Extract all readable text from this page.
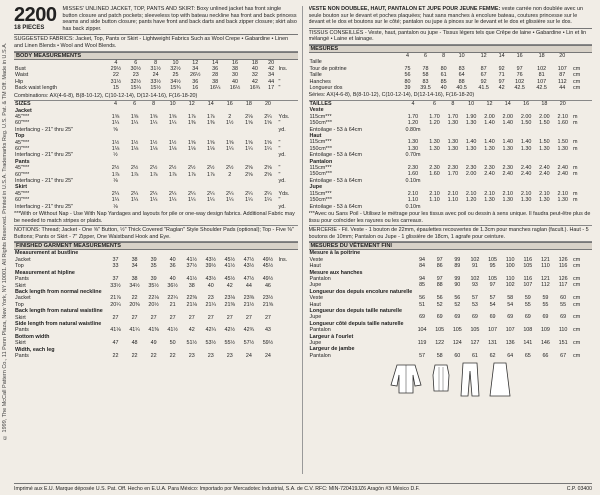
© 1999, The McCall Pattern Co., 11 Penn Plaza, New York, NY 10001. All Rights Reserved. Printed in U.S.A. Trademarks Reg. U.S. Pat. & TM Off. Made in U.S.A.
2200
18 PIECES
MISSES' UNLINED JACKET, TOP, PANTS AND SKIRT: Boxy unlined jacket has front single button closure and patch pockets; sleeveless top with bateau neckline has front and back princess seams and side button closure; pants have front and back darts and back zipper closure; skirt also has back zipper.
SUGGESTED FABRICS: Jacket, Top, Pants or Skirt - Lightweight Fabrics Such as Wool Crepe • Gabardine • Linen and Linen Blends • Wool and Wool Blends.
BODY MEASUREMENTS
	4	6	8	10	12	14	16	18	20	
Bust	29½	30½	31½	32½	34	36	38	40	42	Ins.
Waist	22	23	24	25	26½	28	30	32	34	
Hip	31½	32½	33½	34½	36	38	40	42	44	"
Back waist length	15	15¼	15½	15¾	16	16¼	16½	16¾	17	"
Combinations: AX(4-6-8), B(8-10-12), C(10-12-14), D(12-14-16), F(16-18-20)
SIZES	4	6	8	10	12	14	16	18	20	
Jacket										
45"***	1⅝	1⅝	1⅝	1⅝	1⅞	1⅞	2	2⅛	2¼	Yds.
60"***	1¼	1¼	1¼	1¼	1⅜	1⅜	1½	1⅝	1⅝	"
Interfacing - 21" thru 25"	⅝									yd.
Top										
45"***	1½	1½	1½	1½	1⅝	1⅝	1⅝	1⅝	1⅝	"
60"***	1⅛	1⅛	1⅛	1⅛	1⅛	1⅛	1¼	1¼	1¼	"
Interfacing - 21" thru 25"	½									yd.
Pants										
45"***	2½	2½	2½	2½	2½	2½	2½	2⅝	2⅝	"
60"***	1⅞	1⅞	1⅞	1⅞	1⅞	1⅞	2	2⅝	2⅝	"
Interfacing - 21" thru 25"	⅛									yd.
Skirt										
45"***	2¼	2¼	2¼	2¼	2¼	2¼	2¼	2¼	2¼	Yds.
60"***	1¼	1¼	1¼	1¼	1¼	1¼	1¼	1¼	1¼	"
Interfacing - 21" thru 25"	⅛									yd.
***With or Without Nap - Use With Nap Yardages and layouts for pile or one-way design fabrics. Additional Fabric may be needed to match stripes or plaids.
NOTIONS: Thread; Jacket - One ⅝" Button, ½" Thick Covered "Raglan" Style Shoulder Pads (optional); Top - Five ⅜" Buttons; Pants or Skirt - 7" Zipper, One Waistband Hook and Eye.
FINISHED GARMENT MEASUREMENTS
Measurement at bustline										
Jacket	37	38	39	40	41½	43½	45½	47½	49½	Ins.
Top	33	34	35	36	37½	39½	41½	43½	45½	
Measurement at hipline										
Pants	37	38	39	40	41½	43½	45½	47½	49½	
Skirt	33½	34½	35½	36½	38	40	42	44	46	
Back length from normal neckline										
Jacket	21⅞	22	22⅛	22¼	22⅜	23	23⅛	23⅜	23½	
Top	20¼	20⅜	20½	21	21⅛	21¼	21⅜	21½	21⅝	
Back length from natural waistline										
Skirt	27	27	27	27	27	27	27	27	27	
Side length from natural waistline										
Pants	41⅛	41¼	41⅜	41½	42	42¼	42½	42¾	43	
Bottom width										
Skirt	47	48	49	50	51½	53½	55½	57½	59½	
Width, each leg										
Pants	22	22	22	22	23	23	23	24	24	
VESTE NON DOUBLÉE, HAUT, PANTALON ET JUPE POUR JEUNE FEMME: veste carrée non doublée avec un seule bouton sur le devant et poches plaquées; haut sans manches à encolure bateau, coutures princesse sur le devant et le dos et boutons sur le côté; pantalon ou jupe à pinces sur le devant et le dos et glissière sur le dos.
TISSUS CONSEILLÉS - Veste, haut, pantalon ou jupe - Tissus légers tels que Crêpe de laine • Gabardine • Lin et lin mélangé • Laine et lainage.
MESURES
	4	6	8	10	12	14	16	18	20	
Taille										
Tour de poitrine	75	78	80	83	87	92	97	102	107	cm
Taille	56	58	61	64	67	71	76	81	87	cm
Hanches	80	83	85	88	92	97	102	107	112	cm
Longueur dos	39	39.5	40	40.5	41.5	42	42.5	42.5	44	cm
Séries: AX(4-6-8), B(8-10-12), C(10-12-14), D(12-14-16), F(16-18-20)
TAILLES	4	6	8	10	12	14	16	18	20	
Veste										
115cm***	1.70	1.70	1.70	1.90	2.00	2.00	2.00	2.00	2.10	m
150cm***	1.20	1.20	1.30	1.30	1.40	1.40	1.50	1.50	1.60	m
Entoilage - 53 à 64cm	0.80m									
Haut										
115cm***	1.30	1.30	1.30	1.40	1.40	1.40	1.40	1.50	1.50	m
150cm***	1.30	1.30	1.30	1.30	1.30	1.30	1.30	1.30	1.30	m
Entoilage - 53 à 64cm	0.70m									
Pantalon										
115cm***	2.30	2.30	2.30	2.30	2.30	2.30	2.40	2.40	2.40	m
150cm***	1.60	1.60	1.70	2.00	2.40	2.40	2.40	2.40	2.40	m
Entoilage - 53 à 64cm	0.10m									
Jupe										
115cm***	2.10	2.10	2.10	2.10	2.10	2.10	2.10	2.10	2.10	m
150cm***	1.10	1.10	1.10	1.20	1.30	1.30	1.30	1.30	1.30	m
Entoilage - 53 à 64cm	0.10m									
***Avec ou Sans Poil - Utilisez le métrage pour les tissus avec poil ou dessin à sens unique. Il faudra peut-être plus de tissu pour coïncider les rayures ou les carreaux.
MERCERIE - Fil. Veste - 1 bouton de 22mm, épaulettes recouvertes de 1.3cm pour manches raglan (facult.). Haut - 5 boutons de 10mm; Pantalon ou Jupe - 1 glissière de 18cm, 1 agrafe pour ceinture.
MESURES DU VÊTEMENT FINI
Mesure à la poitrine										
Veste	94	97	99	102	105	110	116	121	126	cm
Haut	84	86	89	91	95	100	105	110	116	cm
Mesure aux hanches										
Pantalon	94	97	99	102	105	110	116	121	126	cm
Jupe	85	88	90	93	97	102	107	112	117	cm
Longueur dos depuis encolure naturelle										
Veste	56	56	56	57	57	58	59	59	60	cm
Haut	51	52	52	53	54	54	55	55	55	cm
Longueur dos depuis taille naturelle										
Jupe	69	69	69	69	69	69	69	69	69	cm
Longueur côté depuis taille naturelle										
Pantalon	104	105	105	105	107	107	108	109	110	cm
Largeur à l'ourlet										
Jupe	119	122	124	127	131	136	141	146	151	cm
Largeur de jambe										
Pantalon	57	58	60	61	62	64	65	66	67	cm
Imprimé aux E.U. Marque déposée U.S. Pat. Off. Hecho en E.U.A. Para México: Importado por Mercadotec Industrial, S.A. de C.V. RFC: MIN-720419JZ6 Aragón #3 México D.F.	C.P. 03400
